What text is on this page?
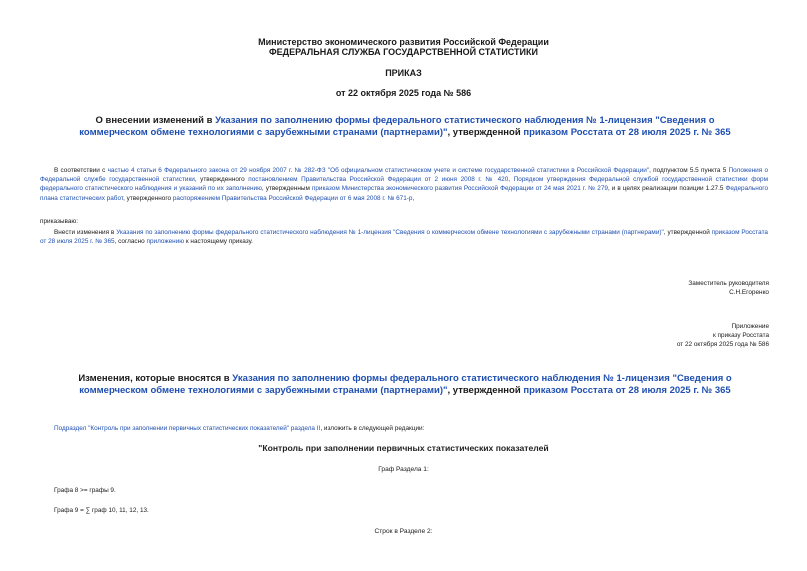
Министерство экономического развития Российской Федерации
ФЕДЕРАЛЬНАЯ СЛУЖБА ГОСУДАРСТВЕННОЙ СТАТИСТИКИ
ПРИКАЗ
от 22 октября 2025 года № 586
О внесении изменений в Указания по заполнению формы федерального статистического наблюдения № 1-лицензия "Сведения о коммерческом обмене технологиями с зарубежными странами (партнерами)", утвержденной приказом Росстата от 28 июля 2025 г. № 365
В соответствии с частью 4 статьи 6 Федерального закона от 29 ноября 2007 г. № 282-ФЗ "Об официальном статистическом учете и системе государственной статистики в Российской Федерации", подпунктом 5.5 пункта 5 Положения о Федеральной службе государственной статистики, утвержденного постановлением Правительства Российской Федерации от 2 июня 2008 г. № 420, Порядком утверждения Федеральной службой государственной статистики форм федерального статистического наблюдения и указаний по их заполнению, утвержденным приказом Министерства экономического развития Российской Федерации от 24 мая 2021 г. № 279, и в целях реализации позиции 1.27.5 Федерального плана статистических работ, утвержденного распоряжением Правительства Российской Федерации от 6 мая 2008 г. № 671-р,
приказываю:
Внести изменения в Указания по заполнению формы федерального статистического наблюдения № 1-лицензия "Сведения о коммерческом обмене технологиями с зарубежными странами (партнерами)", утвержденной приказом Росстата от 28 июля 2025 г. № 365, согласно приложению к настоящему приказу.
Заместитель руководителя
С.Н.Егоренко
Приложение
к приказу Росстата
от 22 октября 2025 года № 586
Изменения, которые вносятся в Указания по заполнению формы федерального статистического наблюдения № 1-лицензия "Сведения о коммерческом обмене технологиями с зарубежными странами (партнерами)", утвержденной приказом Росстата от 28 июля 2025 г. № 365
Подраздел "Контроль при заполнении первичных статистических показателей" раздела II, изложить в следующей редакции:
"Контроль при заполнении первичных статистических показателей
Граф Раздела 1:
Графа 8 >= графы 9.
Графа 9 = ∑ граф 10, 11, 12, 13.
Строк в Разделе 2:
